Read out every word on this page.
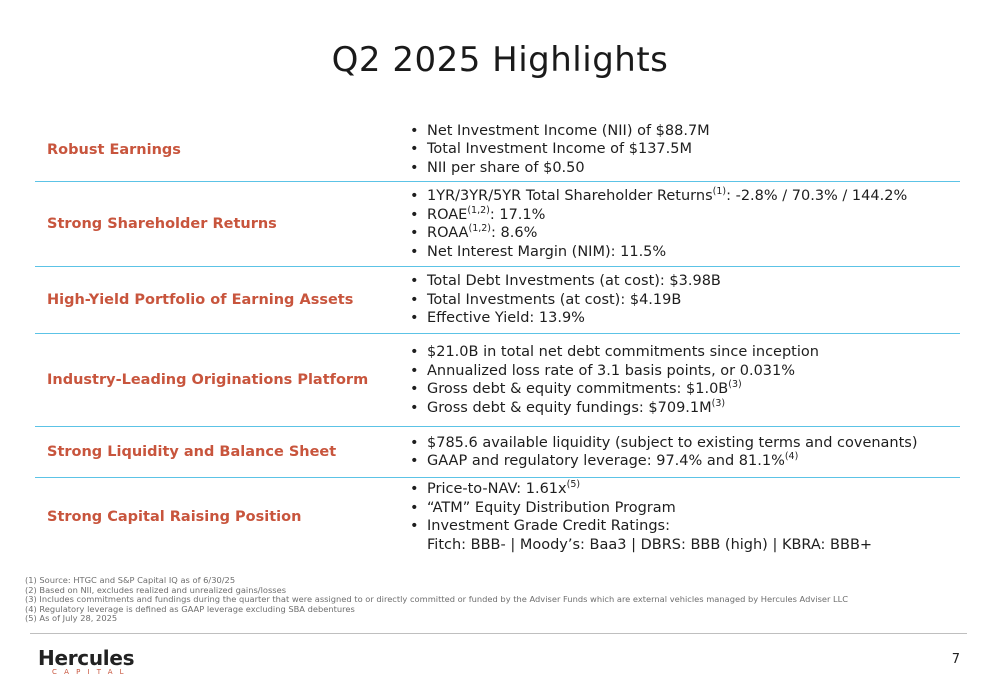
Q2 2025 Highlights
Robust Earnings
• Net Investment Income (NII) of $88.7M
• Total Investment Income of $137.5M
• NII per share of $0.50
Strong Shareholder Returns
• 1YR/3YR/5YR Total Shareholder Returns$^{(1)}$: -2.8% / 70.3% / 144.2%
• ROAE$^{(1,2)}$: 17.1%
• ROAA$^{(1,2)}$: 8.6%
• Net Interest Margin (NIM): 11.5%
High-Yield Portfolio of Earning Assets
• Total Debt Investments (at cost): $3.98B
• Total Investments (at cost): $4.19B
• Effective Yield: 13.9%
Industry-Leading Originations Platform
• $21.0B in total net debt commitments since inception
• Annualized loss rate of 3.1 basis points, or 0.031%
• Gross debt & equity commitments: $\$1.0B^{(3)}$
• Gross debt & equity fundings: $\$709.1M^{(3)}$
Strong Liquidity and Balance Sheet
• $785.6 available liquidity (subject to existing terms and covenants)
• GAAP and regulatory leverage: 97.4% and 81.1%$^{(4)}$
Strong Capital Raising Position
• Price-to-NAV: $1.61x^{(5)}$
• “ATM” Equity Distribution Program
• Investment Grade Credit Ratings:
Fitch: BBB- | Moody’s: Baa3 | DBRS: BBB (high) | KBRA: BBB+
(1) Source: HTGC and S&P Capital IQ as of 6/30/25
(2) Based on NII, excludes realized and unrealized gains/losses
(3) Includes commitments and fundings during the quarter that were assigned to or directly committed or funded by the Adviser Funds which are external vehicles managed by Hercules Adviser LLC
(4) Regulatory leverage is defined as GAAP leverage excluding SBA debentures
(5) As of July 28, 2025
Hercules
CAPITAL
7
